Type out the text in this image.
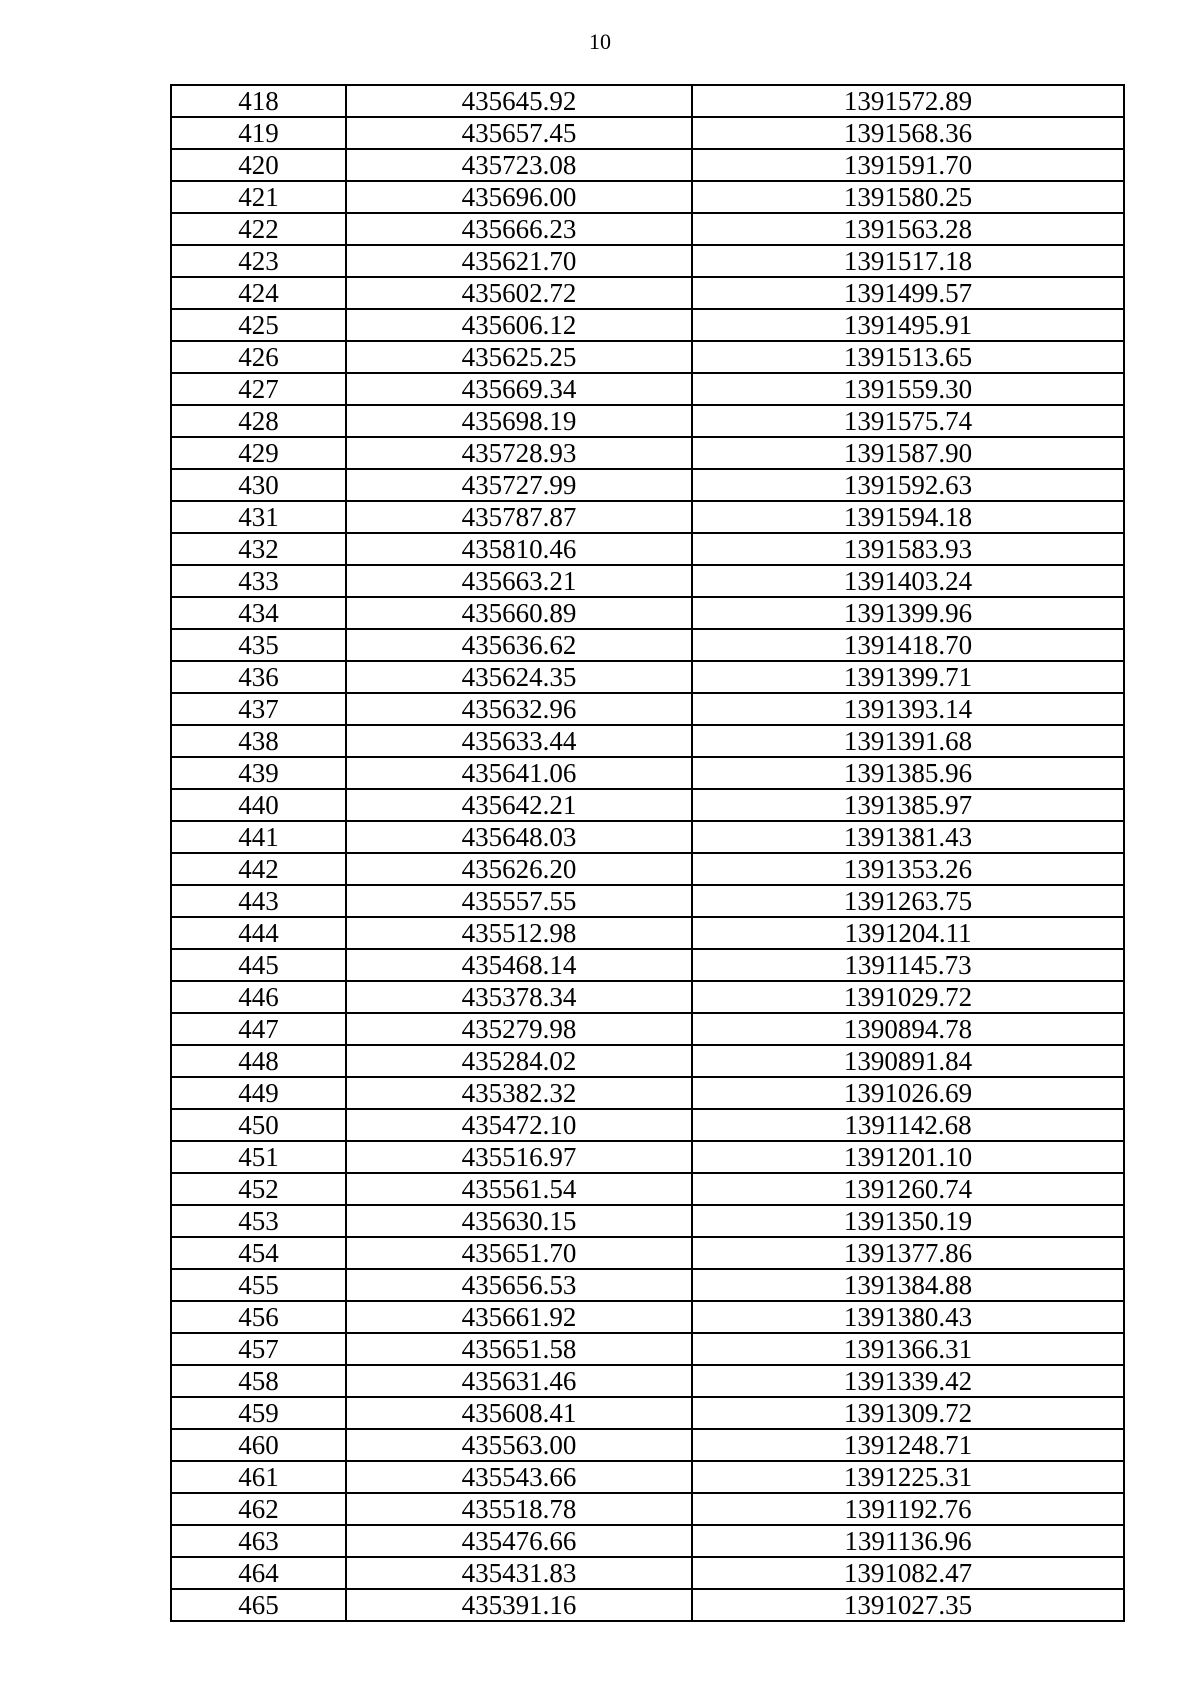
10
418	435645.92	1391572.89
419	435657.45	1391568.36
420	435723.08	1391591.70
421	435696.00	1391580.25
422	435666.23	1391563.28
423	435621.70	1391517.18
424	435602.72	1391499.57
425	435606.12	1391495.91
426	435625.25	1391513.65
427	435669.34	1391559.30
428	435698.19	1391575.74
429	435728.93	1391587.90
430	435727.99	1391592.63
431	435787.87	1391594.18
432	435810.46	1391583.93
433	435663.21	1391403.24
434	435660.89	1391399.96
435	435636.62	1391418.70
436	435624.35	1391399.71
437	435632.96	1391393.14
438	435633.44	1391391.68
439	435641.06	1391385.96
440	435642.21	1391385.97
441	435648.03	1391381.43
442	435626.20	1391353.26
443	435557.55	1391263.75
444	435512.98	1391204.11
445	435468.14	1391145.73
446	435378.34	1391029.72
447	435279.98	1390894.78
448	435284.02	1390891.84
449	435382.32	1391026.69
450	435472.10	1391142.68
451	435516.97	1391201.10
452	435561.54	1391260.74
453	435630.15	1391350.19
454	435651.70	1391377.86
455	435656.53	1391384.88
456	435661.92	1391380.43
457	435651.58	1391366.31
458	435631.46	1391339.42
459	435608.41	1391309.72
460	435563.00	1391248.71
461	435543.66	1391225.31
462	435518.78	1391192.76
463	435476.66	1391136.96
464	435431.83	1391082.47
465	435391.16	1391027.35
